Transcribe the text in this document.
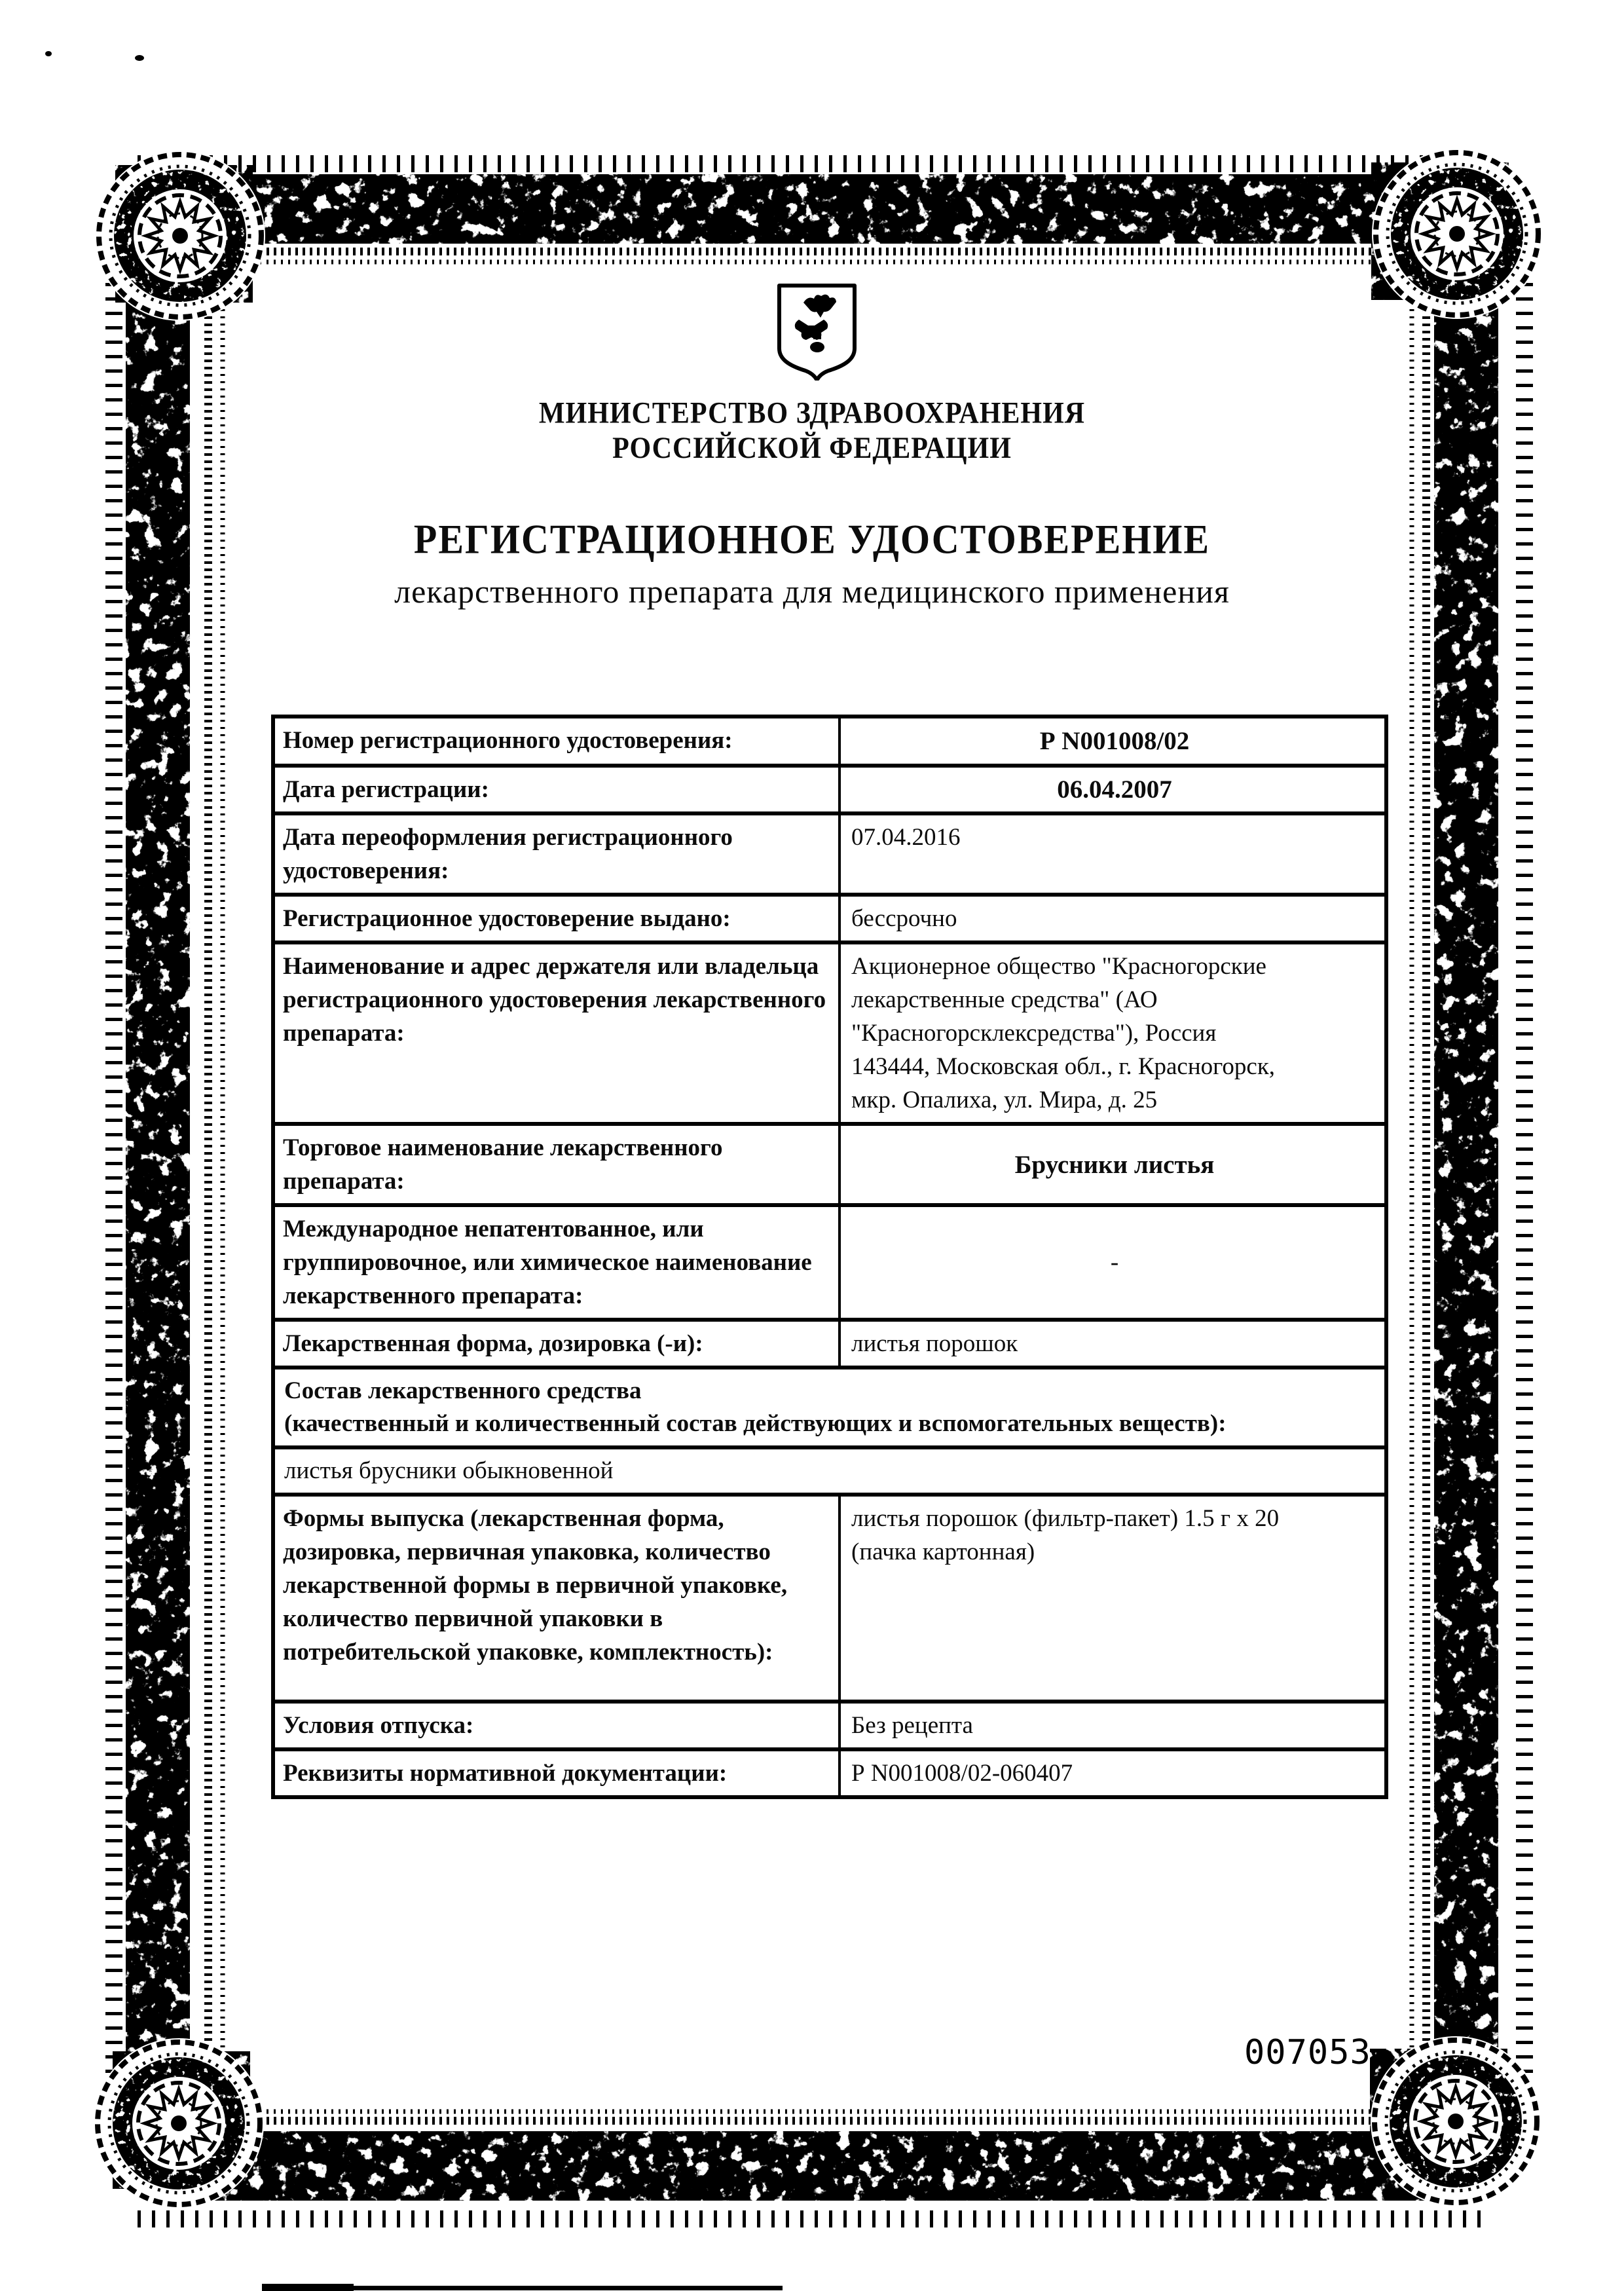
МИНИСТЕРСТВО ЗДРАВООХРАНЕНИЯ
РОССИЙСКОЙ ФЕДЕРАЦИИ
РЕГИСТРАЦИОННОЕ УДОСТОВЕРЕНИЕ
лекарственного препарата для медицинского применения
Номер регистрационного удостоверения:	Р N001008/02
Дата регистрации:	06.04.2007
Дата переоформления регистрационного удостоверения:
07.04.2016
Регистрационное удостоверение выдано:	бессрочно
Наименование и адрес держателя или владельца регистрационного удостоверения лекарственного препарата:
Акционерное общество "Красногорские
лекарственные средства" (АО
"Красногорсклексредства"), Россия
143444, Московская обл., г. Красногорск,
мкр. Опалиха, ул. Мира, д. 25
Торговое наименование лекарственного препарата:
Брусники листья
Международное непатентованное, или группировочное, или химическое наименование лекарственного препарата:
-
Лекарственная форма, дозировка (-и):	листья порошок
Состав лекарственного средства
(качественный и количественный состав действующих и вспомогательных веществ):
листья брусники обыкновенной
Формы выпуска (лекарственная форма, дозировка, первичная упаковка, количество лекарственной формы в первичной упаковке, количество первичной упаковки в потребительской упаковке, комплектность):
листья порошок (фильтр-пакет) 1.5 г х 20
(пачка картонная)
Условия отпуска:	Без рецепта
Реквизиты нормативной документации:	Р N001008/02-060407
007053
